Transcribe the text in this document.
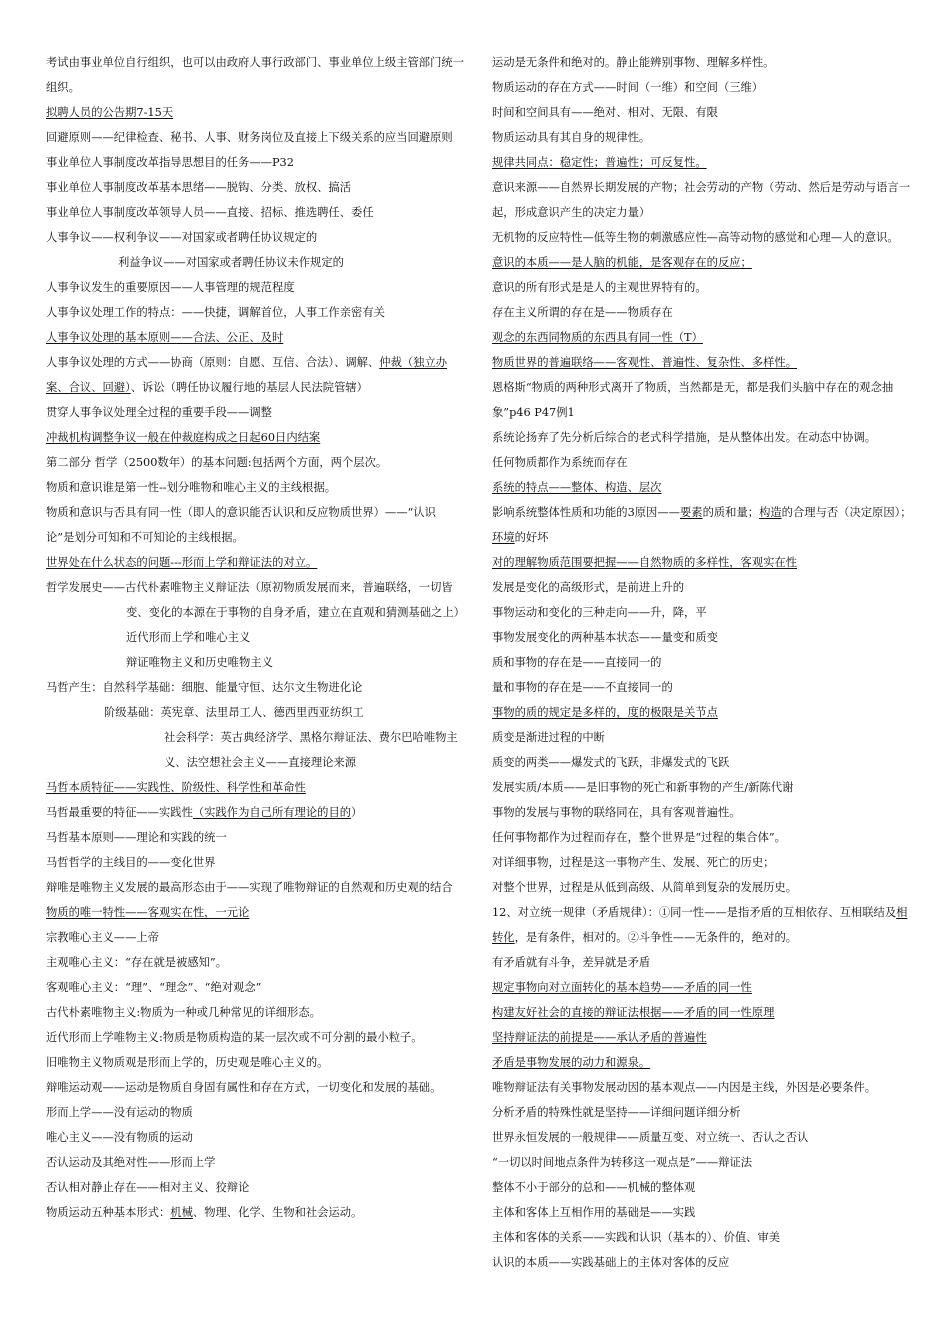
考试由事业单位自行组织，也可以由政府人事行政部门、事业单位上级主管部门统一组织。

拟聘人员的公告期7-15天

回避原则——纪律检查、秘书、人事、财务岗位及直接上下级关系的应当回避原则

事业单位人事制度改革指导思想目的任务——P32

事业单位人事制度改革基本思绪——脱钩、分类、放权、搞活

事业单位人事制度改革领导人员——直接、招标、推选聘任、委任

人事争议——权利争议——对国家或者聘任协议规定的

利益争议——对国家或者聘任协议未作规定的

人事争议发生的重要原因——人事管理的规范程度

人事争议处理工作的特点：——快捷，调解首位，人事工作亲密有关

人事争议处理的基本原则——合法、公正、及时

人事争议处理的方式——协商（原则：自愿、互信、合法）、调解、仲裁（独立办案、合议、回避）、诉讼（聘任协议履行地的基层人民法院管辖）

贯穿人事争议处理全过程的重要手段——调整

冲裁机构调整争议一般在仲裁庭构成之日起60日内结案

第二部分 哲学（2500数年）的基本问题:包括两个方面，两个层次。

物质和意识谁是第一性--划分唯物和唯心主义的主线根据。

物质和意识与否具有同一性（即人的意识能否认识和反应物质世界）——“认识论”是划分可知和不可知论的主线根据。

世界处在什么状态的问题---形而上学和辩证法的对立。

哲学发展史——古代朴素唯物主义辩证法（原初物质发展而来，普遍联络，一切皆变、变化的本源在于事物的自身矛盾，建立在直观和猜测基础之上）

近代形而上学和唯心主义

辩证唯物主义和历史唯物主义

马哲产生：自然科学基础：细胞、能量守恒、达尔文生物进化论

阶级基础：英宪章、法里昂工人、德西里西亚纺织工

社会科学：英古典经济学、黑格尔辩证法、费尔巴哈唯物主义、法空想社会主义——直接理论来源

马哲本质特征——实践性、阶级性、科学性和革命性

马哲最重要的特征——实践性（实践作为自己所有理论的目的）

马哲基本原则——理论和实践的统一

马哲哲学的主线目的——变化世界

辩唯是唯物主义发展的最高形态由于——实现了唯物辩证的自然观和历史观的结合

物质的唯一特性——客观实在性，一元论

宗教唯心主义——上帝

主观唯心主义：“存在就是被感知”。

客观唯心主义：“理”、“理念”、“绝对观念”

古代朴素唯物主义:物质为一种或几种常见的详细形态。

近代形而上学唯物主义:物质是物质构造的某一层次或不可分割的最小粒子。

旧唯物主义物质观是形而上学的，历史观是唯心主义的。

辩唯运动观——运动是物质自身固有属性和存在方式，一切变化和发展的基础。

形而上学——没有运动的物质

唯心主义——没有物质的运动

否认运动及其绝对性——形而上学

否认相对静止存在——相对主义、狡辩论

物质运动五种基本形式：机械、物理、化学、生物和社会运动。

运动是无条件和绝对的。静止能辨别事物、理解多样性。

物质运动的存在方式——时间（一维）和空间（三维）

时间和空间具有——绝对、相对、无限、有限

物质运动具有其自身的规律性。

规律共同点：稳定性；普遍性；可反复性。

意识来源——自然界长期发展的产物；社会劳动的产物（劳动、然后是劳动与语言一起，形成意识产生的决定力量）

无机物的反应特性—低等生物的刺激感应性—高等动物的感觉和心理—人的意识。

意识的本质——是人脑的机能，是客观存在的反应；

意识的所有形式是是人的主观世界特有的。

存在主义所谓的存在是——物质存在

观念的东西同物质的东西具有同一性（T）

物质世界的普遍联络——客观性、普遍性、复杂性、多样性。

恩格斯“物质的两种形式离开了物质，当然都是无，都是我们头脑中存在的观念抽象”p46 P47例1

系统论扬弃了先分析后综合的老式科学措施，是从整体出发。在动态中协调。

任何物质都作为系统而存在

系统的特点——整体、构造、层次

影响系统整体性质和功能的3原因——要素的质和量；构造的合理与否（决定原因）；环境的好坏

对的理解物质范围要把握——自然物质的多样性，客观实在性

发展是变化的高级形式，是前进上升的

事物运动和变化的三种走向——升，降，平

事物发展变化的两种基本状态——量变和质变

质和事物的存在是——直接同一的

量和事物的存在是——不直接同一的

事物的质的规定是多样的，度的极限是关节点

质变是渐进过程的中断

质变的两类——爆发式的飞跃，非爆发式的飞跃

发展实质/本质——是旧事物的死亡和新事物的产生/新陈代谢

事物的发展与事物的联络同在，具有客观普遍性。

任何事物都作为过程而存在，整个世界是“过程的集合体”。

对详细事物，过程是这一事物产生、发展、死亡的历史；

对整个世界，过程是从低到高级、从简单到复杂的发展历史。

12、对立统一规律（矛盾规律）：①同一性——是指矛盾的互相依存、互相联结及相转化，是有条件，相对的。②斗争性——无条件的，绝对的。

有矛盾就有斗争，差异就是矛盾

规定事物向对立面转化的基本趋势——矛盾的同一性

构建友好社会的直接的辩证法根据——矛盾的同一性原理

坚持辩证法的前提是——承认矛盾的普遍性

矛盾是事物发展的动力和源泉。

唯物辩证法有关事物发展动因的基本观点——内因是主线，外因是必要条件。

分析矛盾的特殊性就是坚持——详细问题详细分析

世界永恒发展的一般规律——质量互变、对立统一、否认之否认

“一切以时间地点条件为转移这一观点是”——辩证法

整体不小于部分的总和——机械的整体观

主体和客体上互相作用的基础是——实践

主体和客体的关系——实践和认识（基本的）、价值、审美

认识的本质——实践基础上的主体对客体的反应
